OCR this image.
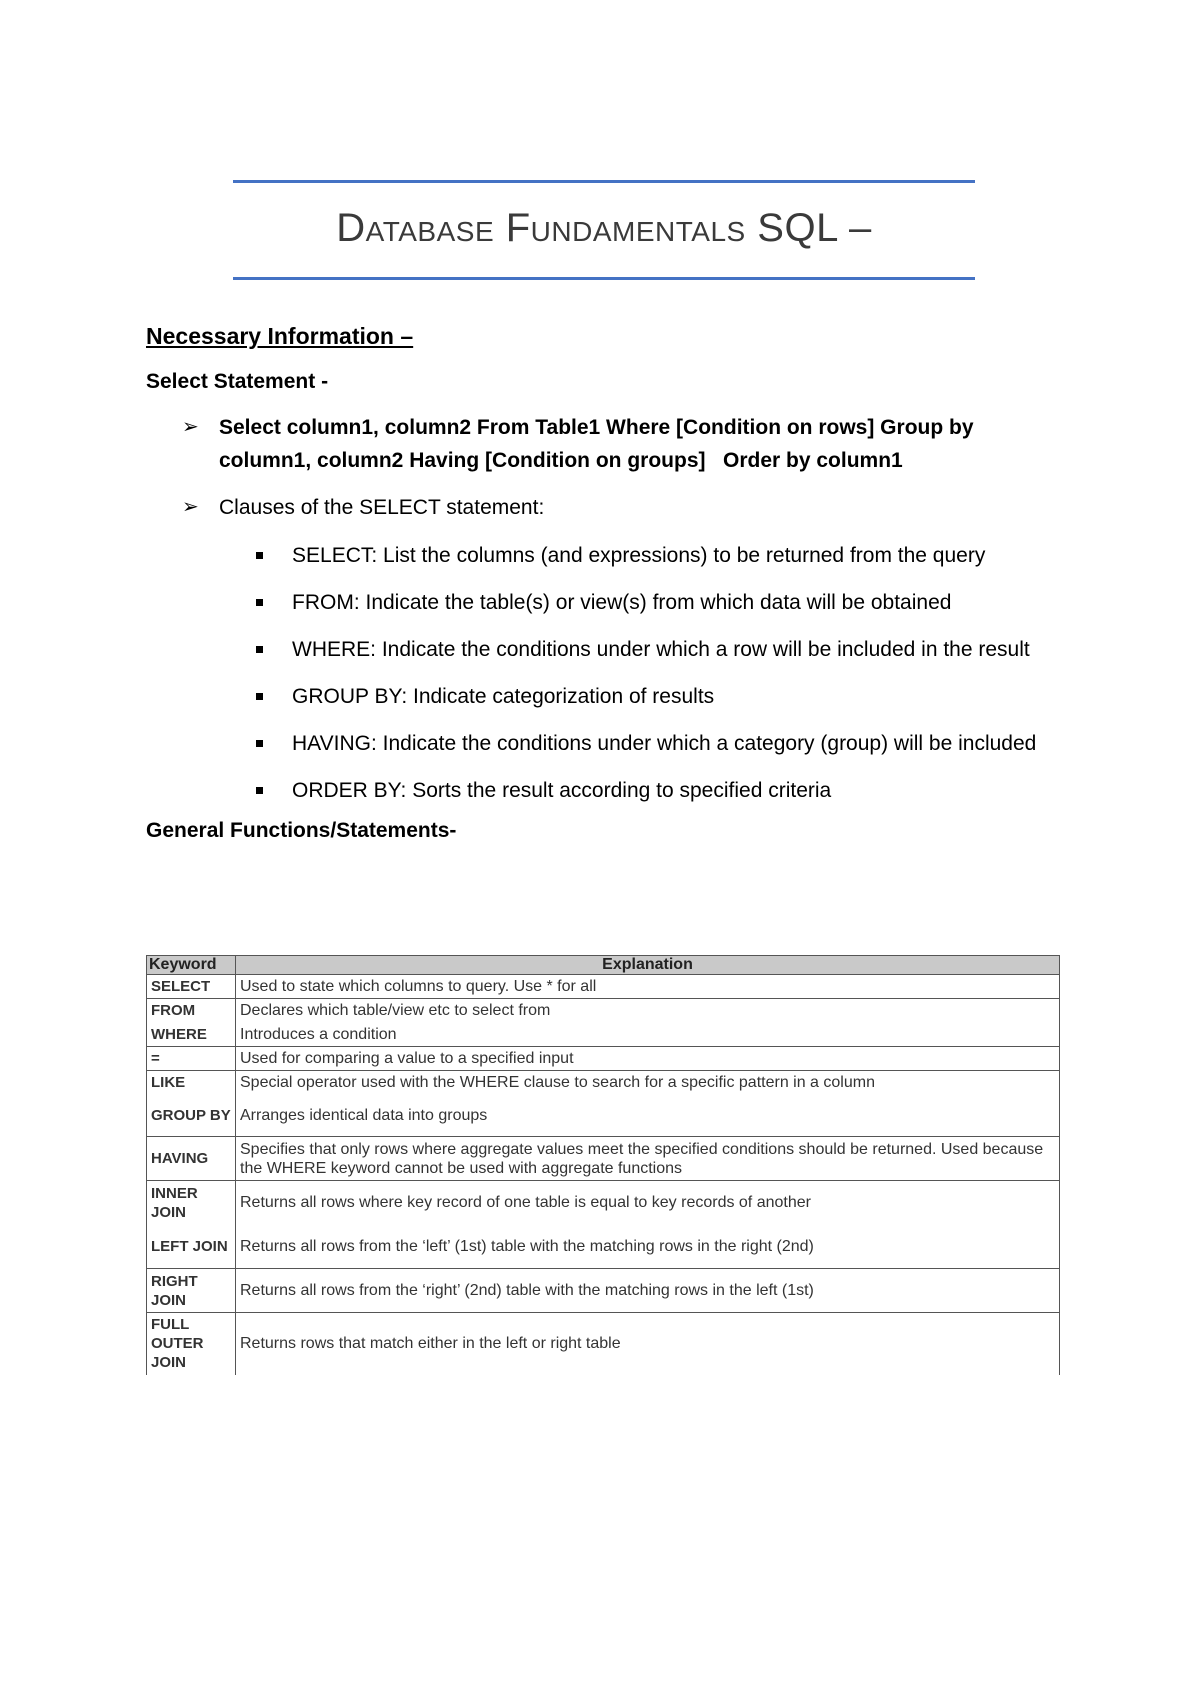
Database Fundamentals SQL –
Necessary Information –
Select Statement -
➢ Select column1, column2 From Table1 Where [Condition on rows] Group by
column1, column2 Having [Condition on groups]   Order by column1
➢ Clauses of the SELECT statement:
SELECT: List the columns (and expressions) to be returned from the query
FROM: Indicate the table(s) or view(s) from which data will be obtained
WHERE: Indicate the conditions under which a row will be included in the result
GROUP BY: Indicate categorization of results
HAVING: Indicate the conditions under which a category (group) will be included
ORDER BY: Sorts the result according to specified criteria
General Functions/Statements-
Keyword	Explanation
SELECT	Used to state which columns to query. Use * for all
FROM	Declares which table/view etc to select from
WHERE	Introduces a condition
=	Used for comparing a value to a specified input
LIKE	Special operator used with the WHERE clause to search for a specific pattern in a column
GROUP BY	Arranges identical data into groups
HAVING	Specifies that only rows where aggregate values meet the specified conditions should be returned. Used because the WHERE keyword cannot be used with aggregate functions
INNER JOIN	Returns all rows where key record of one table is equal to key records of another
LEFT JOIN	Returns all rows from the ‘left’ (1st) table with the matching rows in the right (2nd)
RIGHT JOIN	Returns all rows from the ‘right’ (2nd) table with the matching rows in the left (1st)
FULL OUTER JOIN	Returns rows that match either in the left or right table
